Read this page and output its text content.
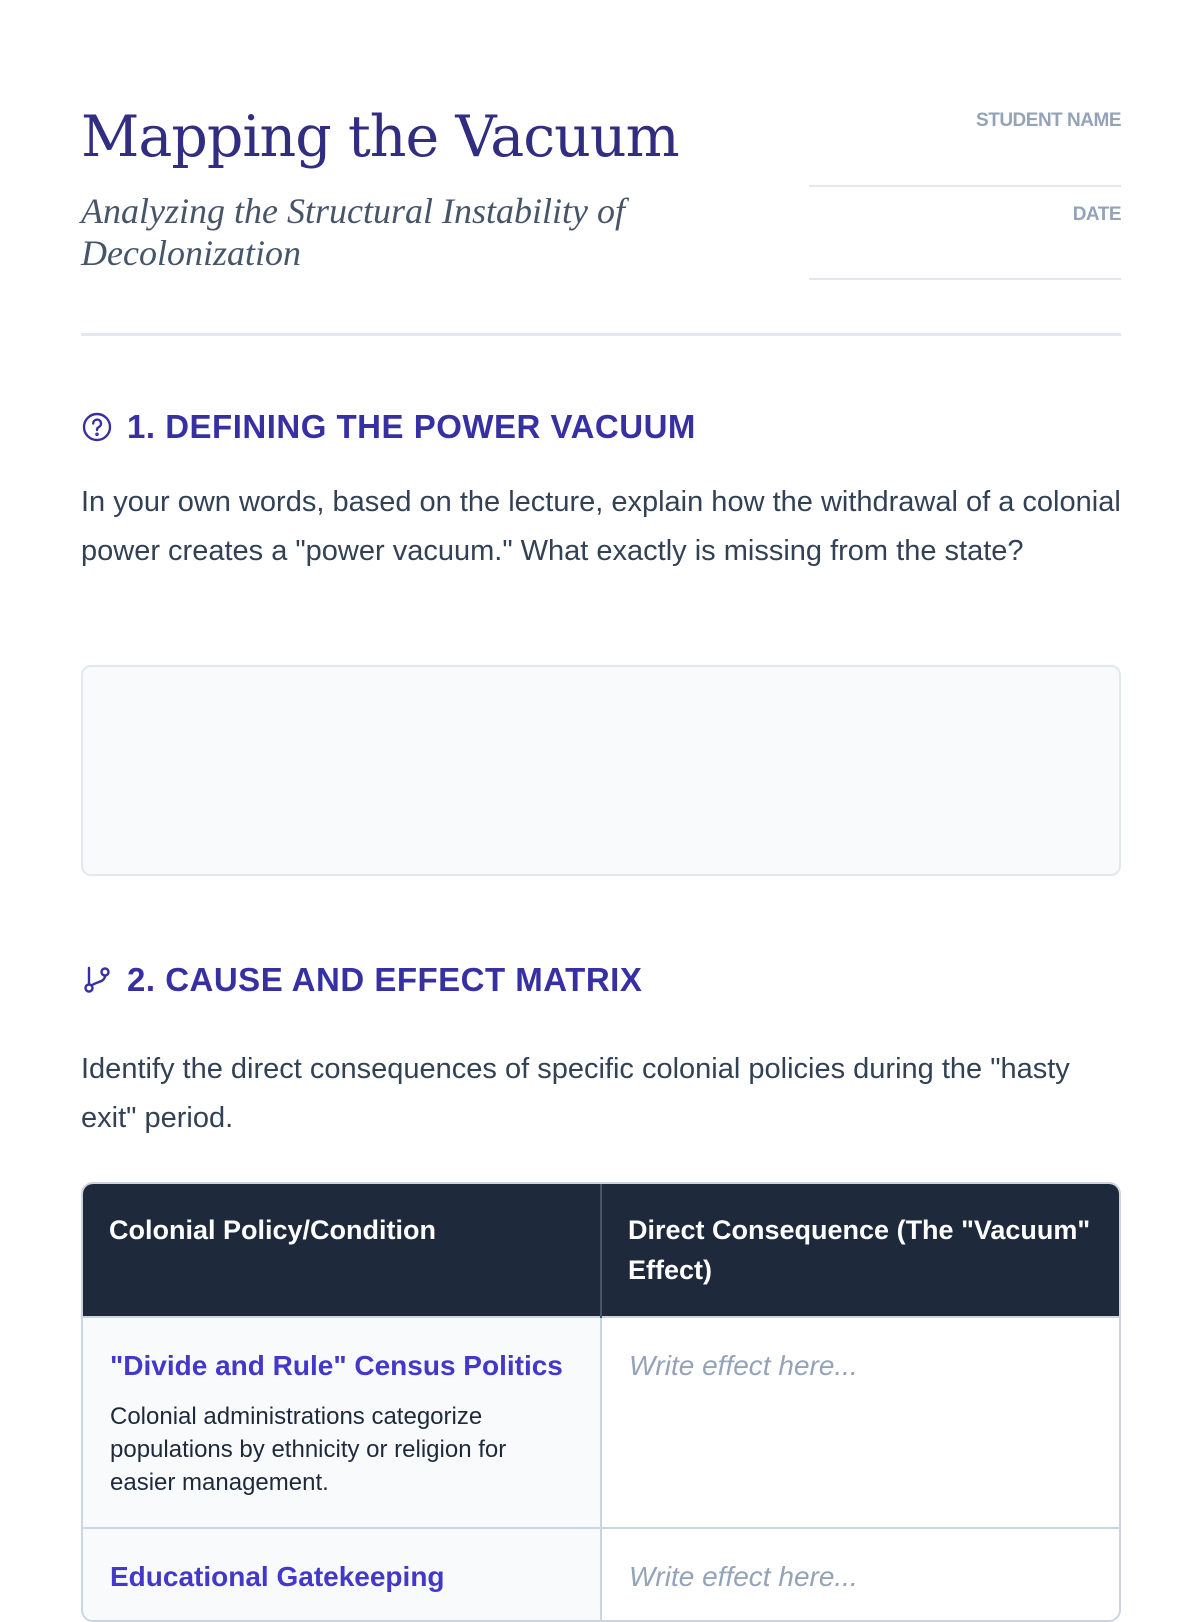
Mapping the Vacuum

Analyzing the Structural Instability of Decolonization

STUDENT NAME
DATE
1. DEFINING THE POWER VACUUM

In your own words, based on the lecture, explain how the withdrawal of a colonial power creates a "power vacuum." What exactly is missing from the state?

2. CAUSE AND EFFECT MATRIX

Identify the direct consequences of specific colonial policies during the "hasty exit" period.

Colonial Policy/Condition	Direct Consequence (The "Vacuum" Effect)

"Divide and Rule" Census Politics

Colonial administrations categorize populations by ethnicity or religion for easier management.	Write effect here...

Educational Gatekeeping	Write effect here...
